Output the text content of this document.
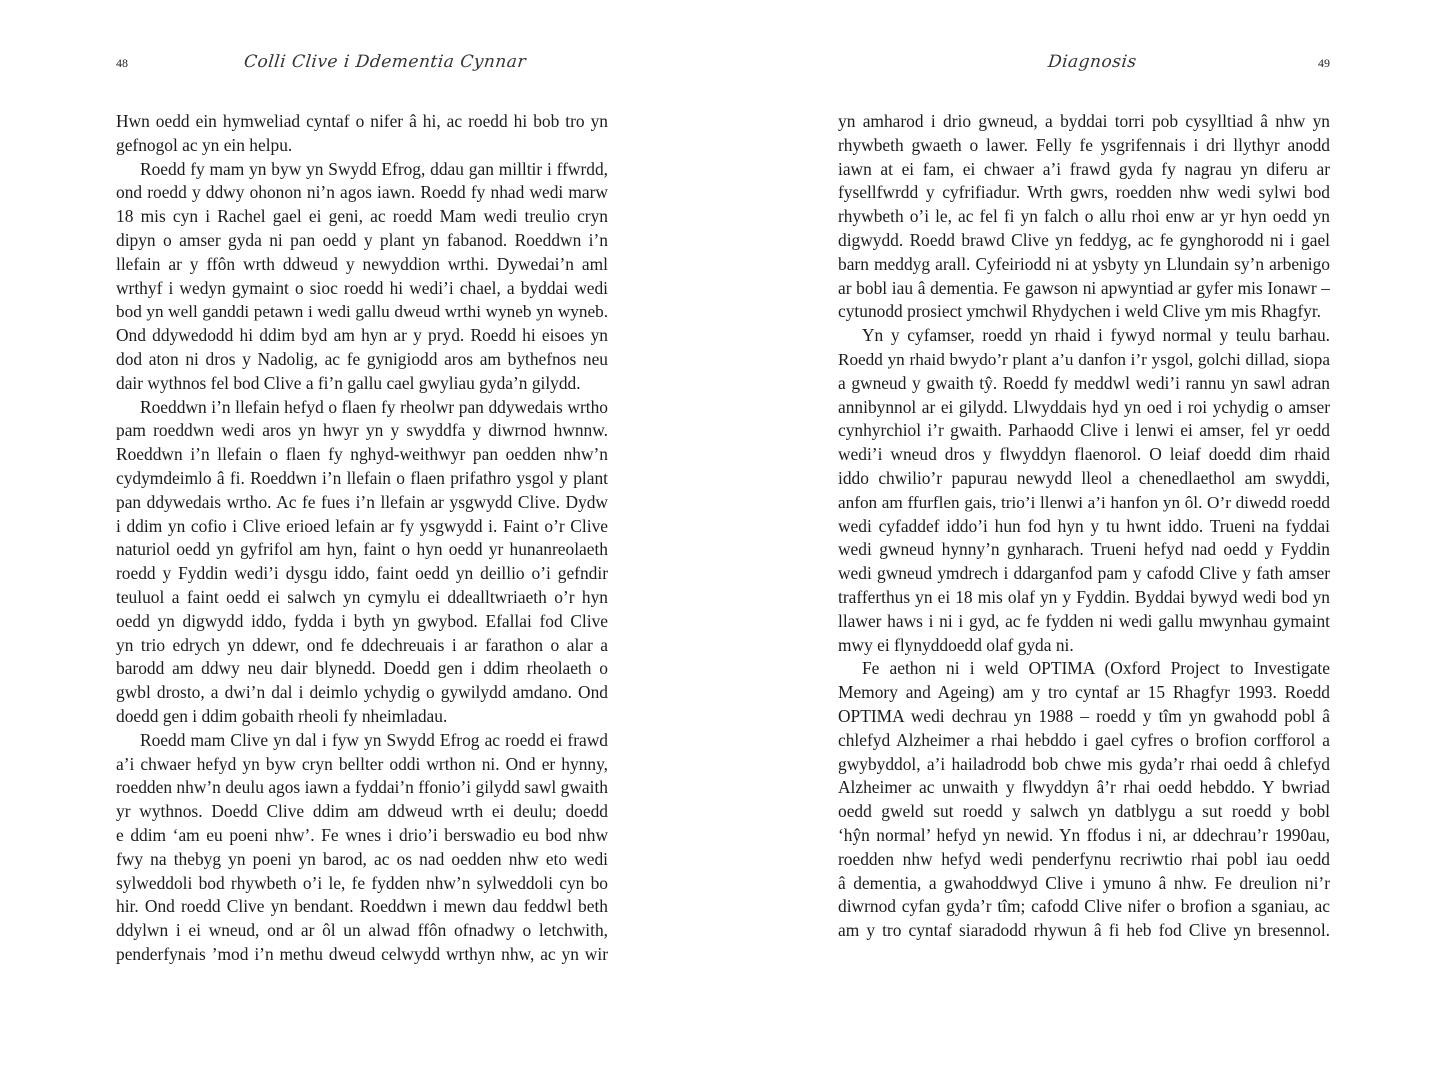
48	Colli Clive i Ddementia Cynnar
Hwn oedd ein hymweliad cyntaf o nifer â hi, ac roedd hi bob tro yn
gefnogol ac yn ein helpu.
Roedd fy mam yn byw yn Swydd Efrog, ddau gan milltir i ffwrdd,
ond roedd y ddwy ohonon ni’n agos iawn. Roedd fy nhad wedi marw
18 mis cyn i Rachel gael ei geni, ac roedd Mam wedi treulio cryn
dipyn o amser gyda ni pan oedd y plant yn fabanod. Roeddwn i’n
llefain ar y ffôn wrth ddweud y newyddion wrthi. Dywedai’n aml
wrthyf i wedyn gymaint o sioc roedd hi wedi’i chael, a byddai wedi
bod yn well ganddi petawn i wedi gallu dweud wrthi wyneb yn wyneb.
Ond ddywedodd hi ddim byd am hyn ar y pryd. Roedd hi eisoes yn
dod aton ni dros y Nadolig, ac fe gynigiodd aros am bythefnos neu
dair wythnos fel bod Clive a fi’n gallu cael gwyliau gyda’n gilydd.
Roeddwn i’n llefain hefyd o flaen fy rheolwr pan ddywedais wrtho
pam roeddwn wedi aros yn hwyr yn y swyddfa y diwrnod hwnnw.
Roeddwn i’n llefain o flaen fy nghyd-weithwyr pan oedden nhw’n
cydymdeimlo â fi. Roeddwn i’n llefain o flaen prifathro ysgol y plant
pan ddywedais wrtho. Ac fe fues i’n llefain ar ysgwydd Clive. Dydw
i ddim yn cofio i Clive erioed lefain ar fy ysgwydd i. Faint o’r Clive
naturiol oedd yn gyfrifol am hyn, faint o hyn oedd yr hunanreolaeth
roedd y Fyddin wedi’i dysgu iddo, faint oedd yn deillio o’i gefndir
teuluol a faint oedd ei salwch yn cymylu ei ddealltwriaeth o’r hyn
oedd yn digwydd iddo, fydda i byth yn gwybod. Efallai fod Clive
yn trio edrych yn ddewr, ond fe ddechreuais i ar farathon o alar a
barodd am ddwy neu dair blynedd. Doedd gen i ddim rheolaeth o
gwbl drosto, a dwi’n dal i deimlo ychydig o gywilydd amdano. Ond
doedd gen i ddim gobaith rheoli fy nheimladau.
Roedd mam Clive yn dal i fyw yn Swydd Efrog ac roedd ei frawd
a’i chwaer hefyd yn byw cryn bellter oddi wrthon ni. Ond er hynny,
roedden nhw’n deulu agos iawn a fyddai’n ffonio’i gilydd sawl gwaith
yr wythnos. Doedd Clive ddim am ddweud wrth ei deulu; doedd
e ddim ‘am eu poeni nhw’. Fe wnes i drio’i berswadio eu bod nhw
fwy na thebyg yn poeni yn barod, ac os nad oedden nhw eto wedi
sylweddoli bod rhywbeth o’i le, fe fydden nhw’n sylweddoli cyn bo
hir. Ond roedd Clive yn bendant. Roeddwn i mewn dau feddwl beth
ddylwn i ei wneud, ond ar ôl un alwad ffôn ofnadwy o letchwith,
penderfynais ’mod i’n methu dweud celwydd wrthyn nhw, ac yn wir
Diagnosis	49
yn amharod i drio gwneud, a byddai torri pob cysylltiad â nhw yn
rhywbeth gwaeth o lawer. Felly fe ysgrifennais i dri llythyr anodd
iawn at ei fam, ei chwaer a’i frawd gyda fy nagrau yn diferu ar
fysellfwrdd y cyfrifiadur. Wrth gwrs, roedden nhw wedi sylwi bod
rhywbeth o’i le, ac fel fi yn falch o allu rhoi enw ar yr hyn oedd yn
digwydd. Roedd brawd Clive yn feddyg, ac fe gynghorodd ni i gael
barn meddyg arall. Cyfeiriodd ni at ysbyty yn Llundain sy’n arbenigo
ar bobl iau â dementia. Fe gawson ni apwyntiad ar gyfer mis Ionawr –
cytunodd prosiect ymchwil Rhydychen i weld Clive ym mis Rhagfyr.
Yn y cyfamser, roedd yn rhaid i fywyd normal y teulu barhau.
Roedd yn rhaid bwydo’r plant a’u danfon i’r ysgol, golchi dillad, siopa
a gwneud y gwaith tŷ. Roedd fy meddwl wedi’i rannu yn sawl adran
annibynnol ar ei gilydd. Llwyddais hyd yn oed i roi ychydig o amser
cynhyrchiol i’r gwaith. Parhaodd Clive i lenwi ei amser, fel yr oedd
wedi’i wneud dros y flwyddyn flaenorol. O leiaf doedd dim rhaid
iddo chwilio’r papurau newydd lleol a chenedlaethol am swyddi,
anfon am ffurflen gais, trio’i llenwi a’i hanfon yn ôl. O’r diwedd roedd
wedi cyfaddef iddo’i hun fod hyn y tu hwnt iddo. Trueni na fyddai
wedi gwneud hynny’n gynharach. Trueni hefyd nad oedd y Fyddin
wedi gwneud ymdrech i ddarganfod pam y cafodd Clive y fath amser
trafferthus yn ei 18 mis olaf yn y Fyddin. Byddai bywyd wedi bod yn
llawer haws i ni i gyd, ac fe fydden ni wedi gallu mwynhau gymaint
mwy ei flynyddoedd olaf gyda ni.
Fe aethon ni i weld OPTIMA (Oxford Project to Investigate
Memory and Ageing) am y tro cyntaf ar 15 Rhagfyr 1993. Roedd
OPTIMA wedi dechrau yn 1988 – roedd y tîm yn gwahodd pobl â
chlefyd Alzheimer a rhai hebddo i gael cyfres o brofion corfforol a
gwybyddol, a’i hailadrodd bob chwe mis gyda’r rhai oedd â chlefyd
Alzheimer ac unwaith y flwyddyn â’r rhai oedd hebddo. Y bwriad
oedd gweld sut roedd y salwch yn datblygu a sut roedd y bobl
‘hŷn normal’ hefyd yn newid. Yn ffodus i ni, ar ddechrau’r 1990au,
roedden nhw hefyd wedi penderfynu recriwtio rhai pobl iau oedd
â dementia, a gwahoddwyd Clive i ymuno â nhw. Fe dreulion ni’r
diwrnod cyfan gyda’r tîm; cafodd Clive nifer o brofion a sganiau, ac
am y tro cyntaf siaradodd rhywun â fi heb fod Clive yn bresennol.
